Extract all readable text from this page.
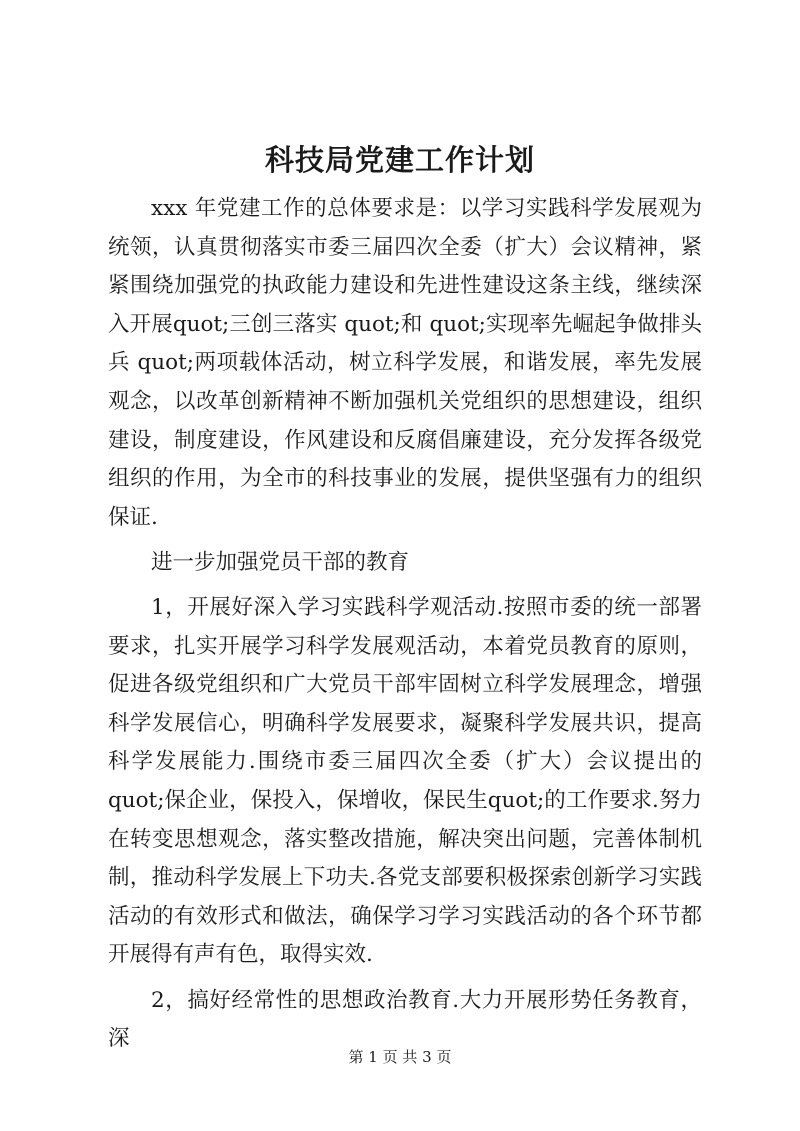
科技局党建工作计划

xxx 年党建工作的总体要求是：以学习实践科学发展观为统领，认真贯彻落实市委三届四次全委（扩大）会议精神，紧紧围绕加强党的执政能力建设和先进性建设这条主线，继续深入开展quot;三创三落实 quot;和 quot;实现率先崛起争做排头兵 quot;两项载体活动，树立科学发展，和谐发展，率先发展观念，以改革创新精神不断加强机关党组织的思想建设，组织建设，制度建设，作风建设和反腐倡廉建设，充分发挥各级党组织的作用，为全市的科技事业的发展，提供坚强有力的组织保证.

进一步加强党员干部的教育

1，开展好深入学习实践科学观活动.按照市委的统一部署要求，扎实开展学习科学发展观活动，本着党员教育的原则，促进各级党组织和广大党员干部牢固树立科学发展理念，增强科学发展信心，明确科学发展要求，凝聚科学发展共识，提高科学发展能力.围绕市委三届四次全委（扩大）会议提出的quot;保企业，保投入，保增收，保民生quot;的工作要求.努力在转变思想观念，落实整改措施，解决突出问题，完善体制机制，推动科学发展上下功夫.各党支部要积极探索创新学习实践活动的有效形式和做法，确保学习学习实践活动的各个环节都开展得有声有色，取得实效.

2，搞好经常性的思想政治教育.大力开展形势任务教育，深

第 1 页 共 3 页
